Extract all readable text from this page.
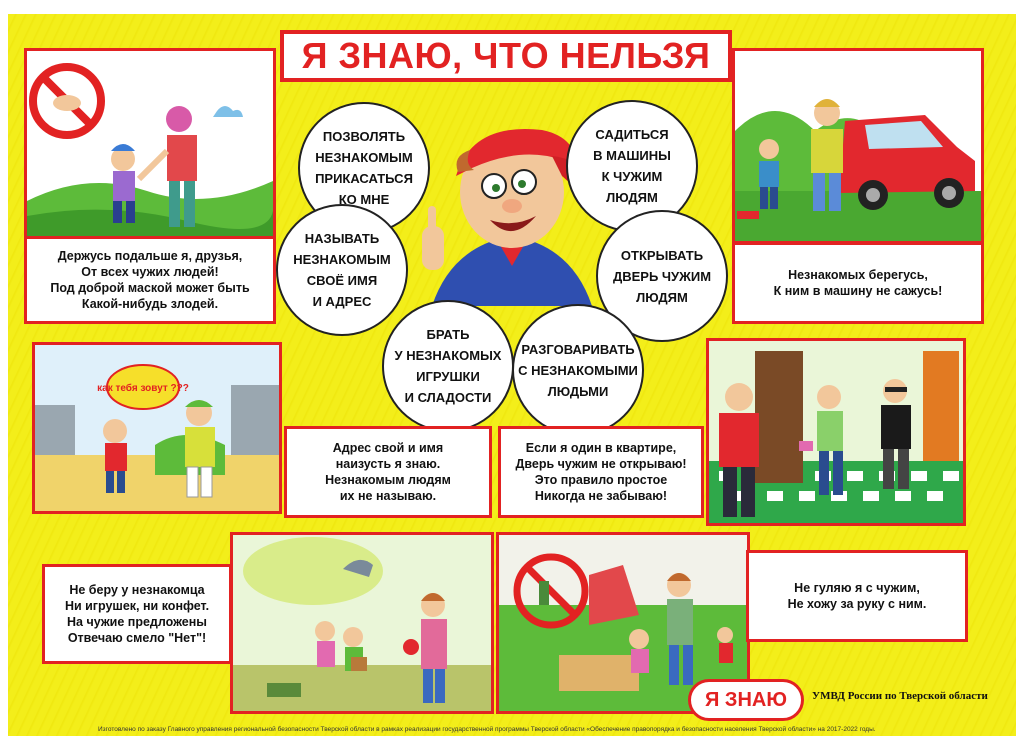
Я ЗНАЮ, ЧТО НЕЛЬЗЯ
Держусь подальше я, друзья,
От всех чужих людей!
Под доброй маской может быть
Какой-нибудь злодей.
Незнакомых берегусь,
К ним в машину не сажусь!
ПОЗВОЛЯТЬ
НЕЗНАКОМЫМ
ПРИКАСАТЬСЯ
КО МНЕ
САДИТЬСЯ
В МАШИНЫ
К ЧУЖИМ
ЛЮДЯМ
НАЗЫВАТЬ
НЕЗНАКОМЫМ
СВОЁ ИМЯ
И АДРЕС
ОТКРЫВАТЬ
ДВЕРЬ ЧУЖИМ
ЛЮДЯМ
БРАТЬ
У НЕЗНАКОМЫХ
ИГРУШКИ
И СЛАДОСТИ
РАЗГОВАРИВАТЬ
С НЕЗНАКОМЫМИ
ЛЮДЬМИ
как тебя зовут ???
Адрес свой и имя
наизусть я знаю.
Незнакомым людям
их не называю.
Если я один в квартире,
Дверь чужим не открываю!
Это правило простое
Никогда не забываю!
Не беру у незнакомца
Ни игрушек, ни конфет.
На чужие предложены
Отвечаю смело "Нет"!
Не гуляю я с чужим,
Не хожу за руку с ним.
Я ЗНАЮ УМВД России по Тверской области
Изготовлено по заказу Главного управления региональной безопасности Тверской области в рамках реализации государственной программы Тверской области «Обеспечение правопорядка и безопасности населения Тверской области» на 2017-2022 годы.
